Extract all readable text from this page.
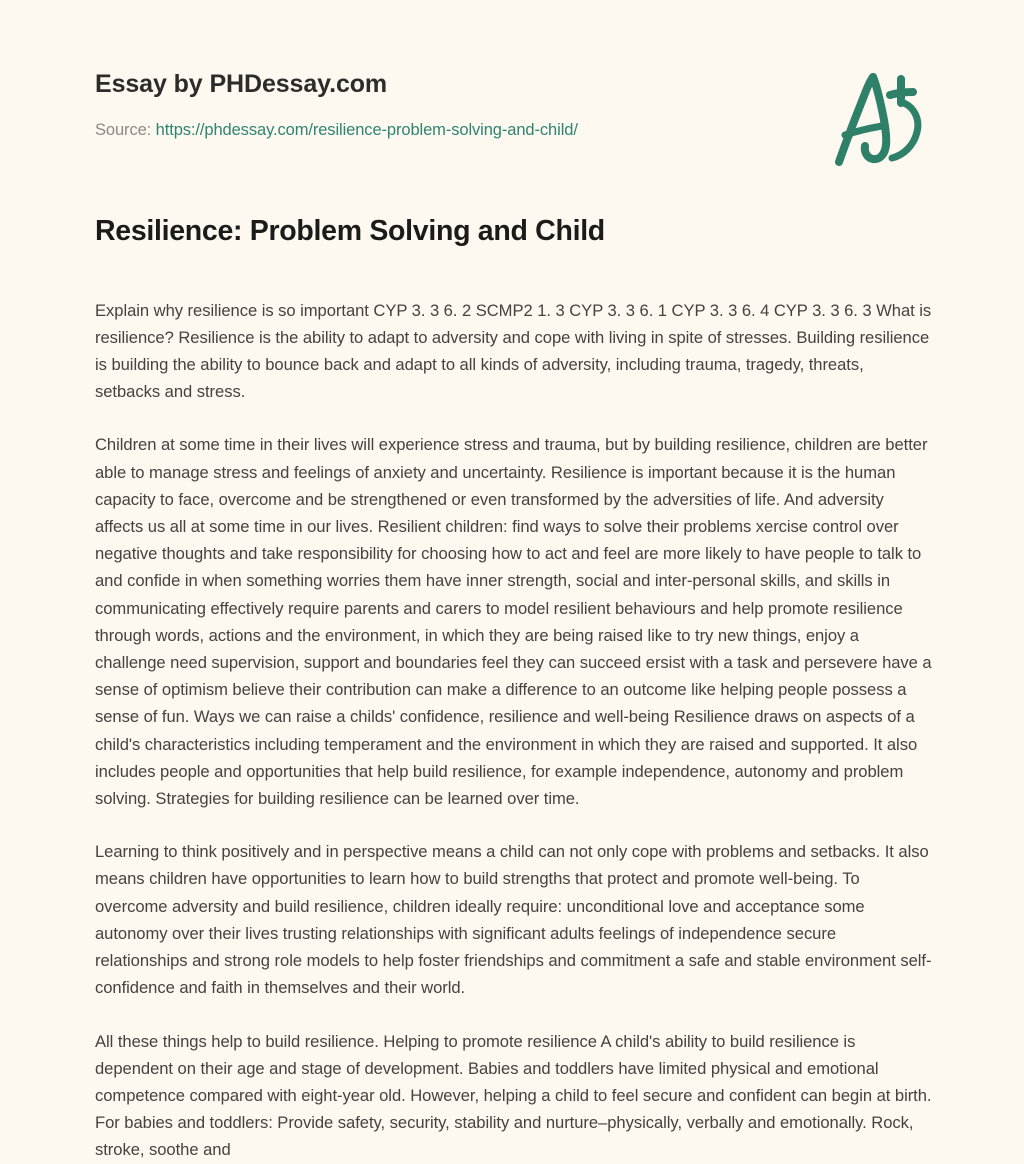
Essay by PHDessay.com
Source: https://phdessay.com/resilience-problem-solving-and-child/
Resilience: Problem Solving and Child

Explain why resilience is so important CYP 3. 3 6. 2 SCMP2 1. 3 CYP 3. 3 6. 1 CYP 3. 3 6. 4 CYP 3. 3 6. 3 What is resilience? Resilience is the ability to adapt to adversity and cope with living in spite of stresses. Building resilience is building the ability to bounce back and adapt to all kinds of adversity, including trauma, tragedy, threats, setbacks and stress.

Children at some time in their lives will experience stress and trauma, but by building resilience, children are better able to manage stress and feelings of anxiety and uncertainty. Resilience is important because it is the human capacity to face, overcome and be strengthened or even transformed by the adversities of life. And adversity affects us all at some time in our lives. Resilient children: find ways to solve their problems xercise control over negative thoughts and take responsibility for choosing how to act and feel are more likely to have people to talk to and confide in when something worries them have inner strength, social and inter-personal skills, and skills in communicating effectively require parents and carers to model resilient behaviours and help promote resilience through words, actions and the environment, in which they are being raised like to try new things, enjoy a challenge need supervision, support and boundaries feel they can succeed ersist with a task and persevere have a sense of optimism believe their contribution can make a difference to an outcome like helping people possess a sense of fun. Ways we can raise a childs' confidence, resilience and well-being Resilience draws on aspects of a child's characteristics including temperament and the environment in which they are raised and supported. It also includes people and opportunities that help build resilience, for example independence, autonomy and problem solving. Strategies for building resilience can be learned over time.

Learning to think positively and in perspective means a child can not only cope with problems and setbacks. It also means children have opportunities to learn how to build strengths that protect and promote well-being. To overcome adversity and build resilience, children ideally require: unconditional love and acceptance some autonomy over their lives trusting relationships with significant adults feelings of independence secure relationships and strong role models to help foster friendships and commitment a safe and stable environment self-confidence and faith in themselves and their world.

All these things help to build resilience. Helping to promote resilience A child's ability to build resilience is dependent on their age and stage of development. Babies and toddlers have limited physical and emotional competence compared with eight-year old. However, helping a child to feel secure and confident can begin at birth. For babies and toddlers: Provide safety, security, stability and nurture–physically, verbally and emotionally. Rock, stroke, soothe and
